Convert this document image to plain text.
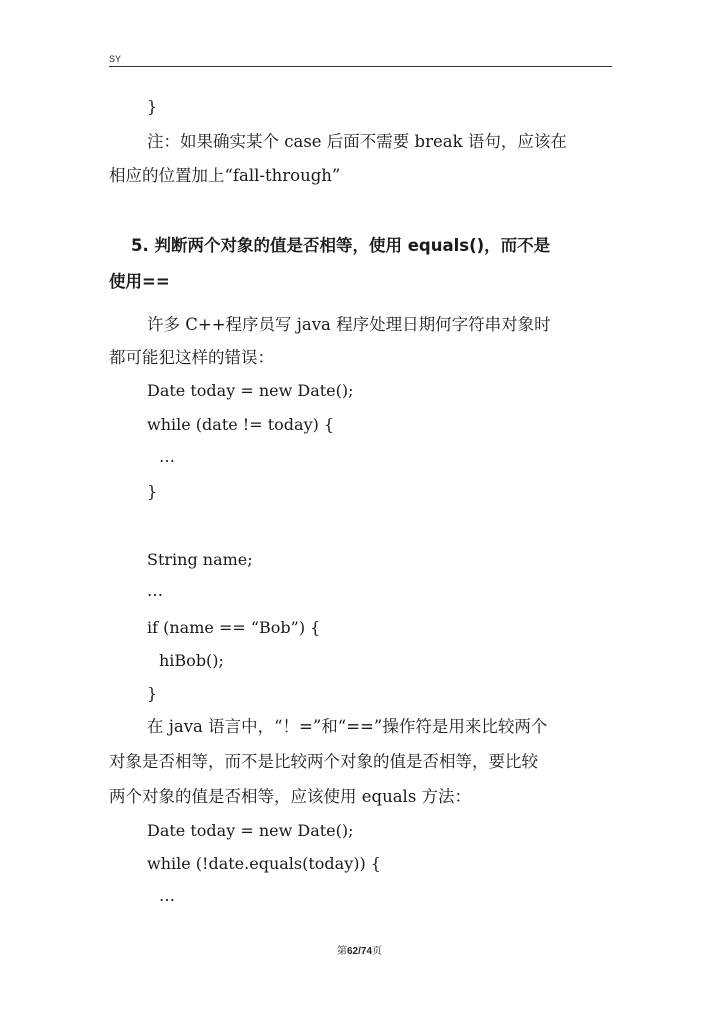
SY
}
注：如果确实某个 case 后面不需要 break 语句，应该在
相应的位置加上“fall-through”
5. 判断两个对象的值是否相等，使用 equals()，而不是
使用==
许多 C++程序员写 java 程序处理日期何字符串对象时
都可能犯这样的错误：
Date today = new Date();
while (date != today) {
…
}
String name;
…
if (name == “Bob”) {
hiBob();
}
在 java 语言中，“！=”和“==”操作符是用来比较两个
对象是否相等，而不是比较两个对象的值是否相等，要比较
两个对象的值是否相等，应该使用 equals 方法：
Date today = new Date();
while (!date.equals(today)) {
…
第62/74页
